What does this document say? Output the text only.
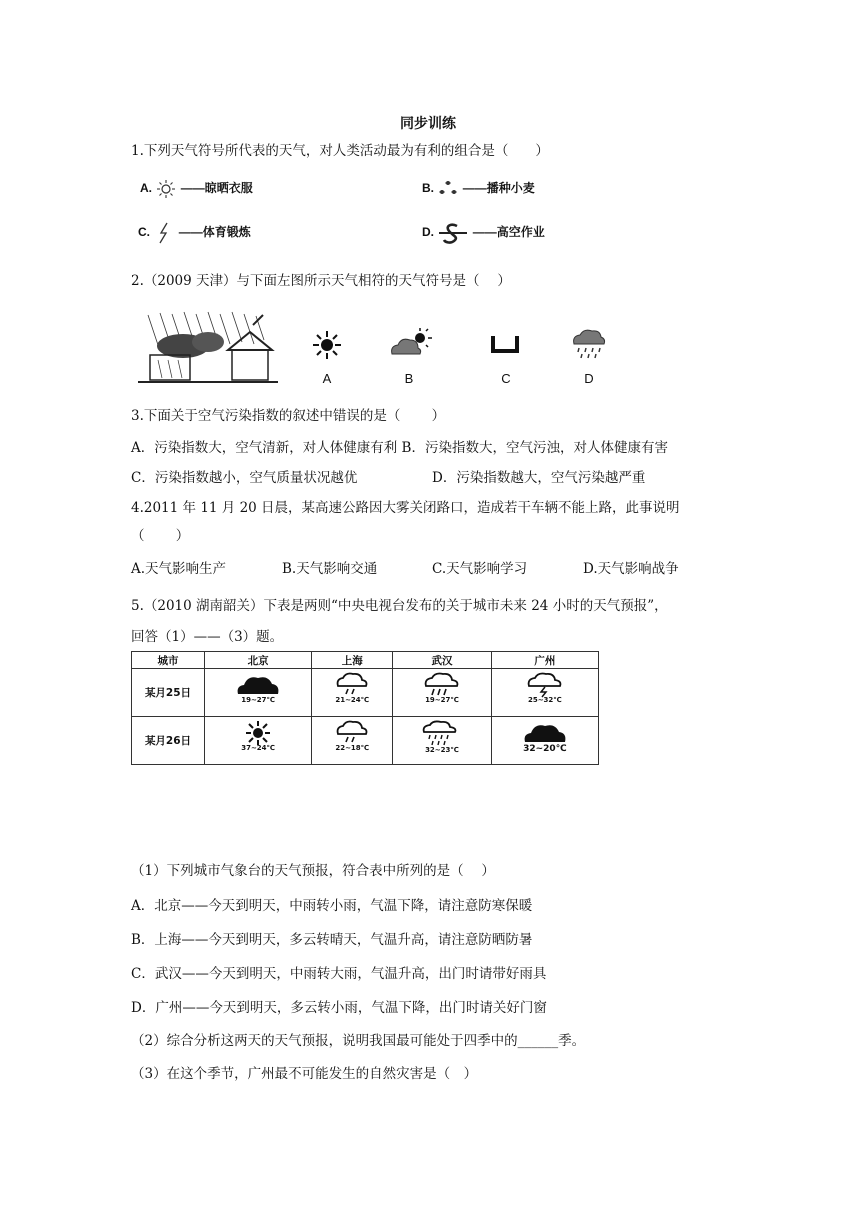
同步训练
1.下列天气符号所代表的天气，对人类活动最为有利的组合是（　　）
A. ——晾晒衣服	B. ——播种小麦
C. ——体育锻炼	D.	——高空作业
2.（2009 天津）与下面左图所示天气相符的天气符号是（　 ）
A	B	C	D
3.下面关于空气污染指数的叙述中错误的是（　　 ）
A．污染指数大，空气清新，对人体健康有利 B．污染指数大，空气污浊，对人体健康有害
C．污染指数越小，空气质量状况越优	D．污染指数越大，空气污染越严重
4.2011 年 11 月 20 日晨，某高速公路因大雾关闭路口，造成若干车辆不能上路，此事说明
（　　 ）
A.天气影响生产	B.天气影响交通	C.天气影响学习	D.天气影响战争
5.（2010 湖南韶关）下表是两则“中央电视台发布的关于城市未来 24 小时的天气预报”，
回答（1）——（3）题。
城市	北京	上海	武汉	广州
某月25日	19~27℃	21~24℃	19~27℃	25~32℃

某月26日	37~24℃	22~18℃	32~23℃	32~20℃
（1）下列城市气象台的天气预报，符合表中所列的是（　 ）
A．北京——今天到明天，中雨转小雨，气温下降，请注意防寒保暖
B．上海——今天到明天，多云转晴天，气温升高，请注意防晒防暑
C．武汉——今天到明天，中雨转大雨，气温升高，出门时请带好雨具
D．广州——今天到明天，多云转小雨，气温下降，出门时请关好门窗
（2）综合分析这两天的天气预报，说明我国最可能处于四季中的______季。
（3）在这个季节，广州最不可能发生的自然灾害是（　）
